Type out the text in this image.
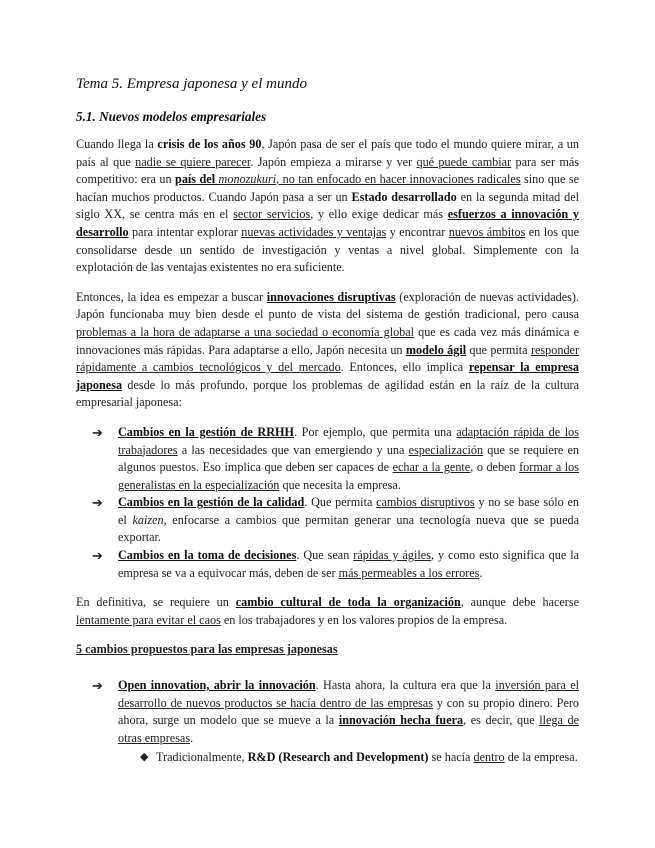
Tema 5. Empresa japonesa y el mundo
5.1. Nuevos modelos empresariales

Cuando llega la crisis de los años 90, Japón pasa de ser el país que todo el mundo quiere mirar, a un país al que nadie se quiere parecer. Japón empieza a mirarse y ver qué puede cambiar para ser más competitivo: era un país del monozukuri, no tan enfocado en hacer innovaciones radicales sino que se hacían muchos productos. Cuando Japón pasa a ser un Estado desarrollado en la segunda mitad del siglo XX, se centra más en el sector servicios, y ello exige dedicar más esfuerzos a innovación y desarrollo para intentar explorar nuevas actividades y ventajas y encontrar nuevos ámbitos en los que consolidarse desde un sentido de investigación y ventas a nivel global. Simplemente con la explotación de las ventajas existentes no era suficiente.

Entonces, la idea es empezar a buscar innovaciones disruptivas (exploración de nuevas actividades). Japón funcionaba muy bien desde el punto de vista del sistema de gestión tradicional, pero causa problemas a la hora de adaptarse a una sociedad o economía global que es cada vez más dinámica e innovaciones más rápidas. Para adaptarse a ello, Japón necesita un modelo ágil que permita responder rápidamente a cambios tecnológicos y del mercado. Entonces, ello implica repensar la empresa japonesa desde lo más profundo, porque los problemas de agilidad están en la raíz de la cultura empresarial japonesa:

➔ Cambios en la gestión de RRHH. Por ejemplo, que permita una adaptación rápida de los trabajadores a las necesidades que van emergiendo y una especialización que se requiere en algunos puestos. Eso implica que deben ser capaces de echar a la gente, o deben formar a los generalistas en la especialización que necesita la empresa.
➔ Cambios en la gestión de la calidad. Que permita cambios disruptivos y no se base sólo en el kaizen, enfocarse a cambios que permitan generar una tecnología nueva que se pueda exportar.
➔ Cambios en la toma de decisiones. Que sean rápidas y ágiles, y como esto significa que la empresa se va a equivocar más, deben de ser más permeables a los errores.

En definitiva, se requiere un cambio cultural de toda la organización, aunque debe hacerse lentamente para evitar el caos en los trabajadores y en los valores propios de la empresa.

5 cambios propuestos para las empresas japonesas
➔ Open innovation, abrir la innovación. Hasta ahora, la cultura era que la inversión para el desarrollo de nuevos productos se hacía dentro de las empresas y con su propio dinero. Pero ahora, surge un modelo que se mueve a la innovación hecha fuera, es decir, que llega de otras empresas.
◆ Tradicionalmente, R&D (Research and Development) se hacía dentro de la empresa.
